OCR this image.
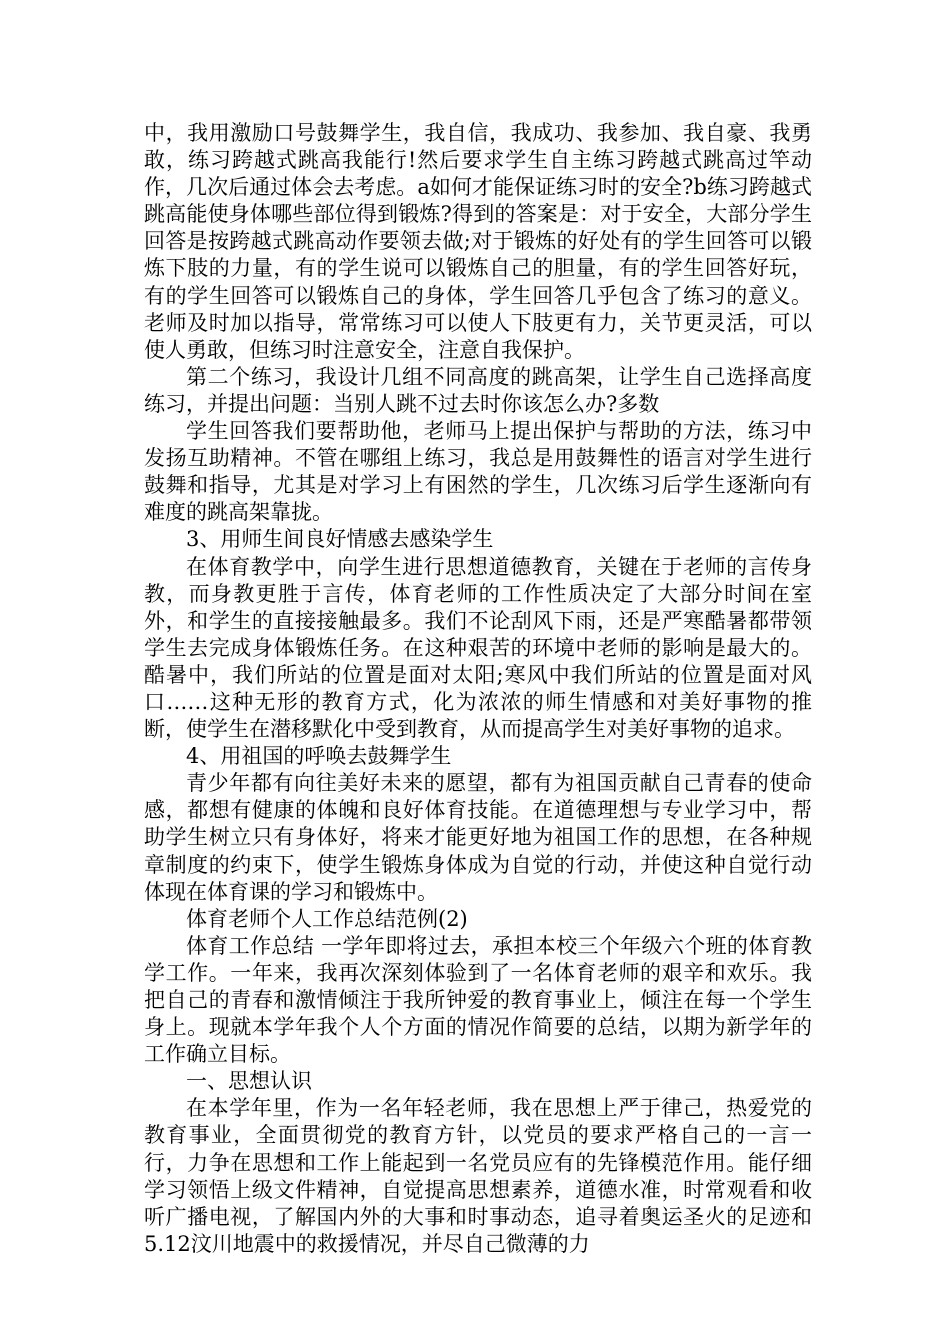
中，我用激励口号鼓舞学生，我自信，我成功、我参加、我自豪、我勇敢，练习跨越式跳高我能行!然后要求学生自主练习跨越式跳高过竿动作，几次后通过体会去考虑。a如何才能保证练习时的安全?b练习跨越式跳高能使身体哪些部位得到锻炼?得到的答案是：对于安全，大部分学生回答是按跨越式跳高动作要领去做;对于锻炼的好处有的学生回答可以锻炼下肢的力量，有的学生说可以锻炼自己的胆量，有的学生回答好玩，有的学生回答可以锻炼自己的身体，学生回答几乎包含了练习的意义。老师及时加以指导，常常练习可以使人下肢更有力，关节更灵活，可以使人勇敢，但练习时注意安全，注意自我保护。

第二个练习，我设计几组不同高度的跳高架，让学生自己选择高度练习，并提出问题：当别人跳不过去时你该怎么办?多数

学生回答我们要帮助他，老师马上提出保护与帮助的方法，练习中发扬互助精神。不管在哪组上练习，我总是用鼓舞性的语言对学生进行鼓舞和指导，尤其是对学习上有困然的学生，几次练习后学生逐渐向有难度的跳高架靠拢。

3、用师生间良好情感去感染学生

在体育教学中，向学生进行思想道德教育，关键在于老师的言传身教，而身教更胜于言传，体育老师的工作性质决定了大部分时间在室外，和学生的直接接触最多。我们不论刮风下雨，还是严寒酷暑都带领学生去完成身体锻炼任务。在这种艰苦的环境中老师的影响是最大的。酷暑中，我们所站的位置是面对太阳;寒风中我们所站的位置是面对风口……这种无形的教育方式，化为浓浓的师生情感和对美好事物的推断，使学生在潜移默化中受到教育，从而提高学生对美好事物的追求。

4、用祖国的呼唤去鼓舞学生

青少年都有向往美好未来的愿望，都有为祖国贡献自己青春的使命感，都想有健康的体魄和良好体育技能。在道德理想与专业学习中，帮助学生树立只有身体好，将来才能更好地为祖国工作的思想，在各种规章制度的约束下，使学生锻炼身体成为自觉的行动，并使这种自觉行动体现在体育课的学习和锻炼中。

体育老师个人工作总结范例(2)

体育工作总结 一学年即将过去，承担本校三个年级六个班的体育教学工作。一年来，我再次深刻体验到了一名体育老师的艰辛和欢乐。我把自己的青春和激情倾注于我所钟爱的教育事业上，倾注在每一个学生身上。现就本学年我个人个方面的情况作简要的总结，以期为新学年的工作确立目标。

一、思想认识

在本学年里，作为一名年轻老师，我在思想上严于律己，热爱党的教育事业，全面贯彻党的教育方针，以党员的要求严格自己的一言一行，力争在思想和工作上能起到一名党员应有的先锋模范作用。能仔细学习领悟上级文件精神，自觉提高思想素养，道德水准，时常观看和收听广播电视，了解国内外的大事和时事动态，追寻着奥运圣火的足迹和5.12汶川地震中的救援情况，并尽自己微薄的力
